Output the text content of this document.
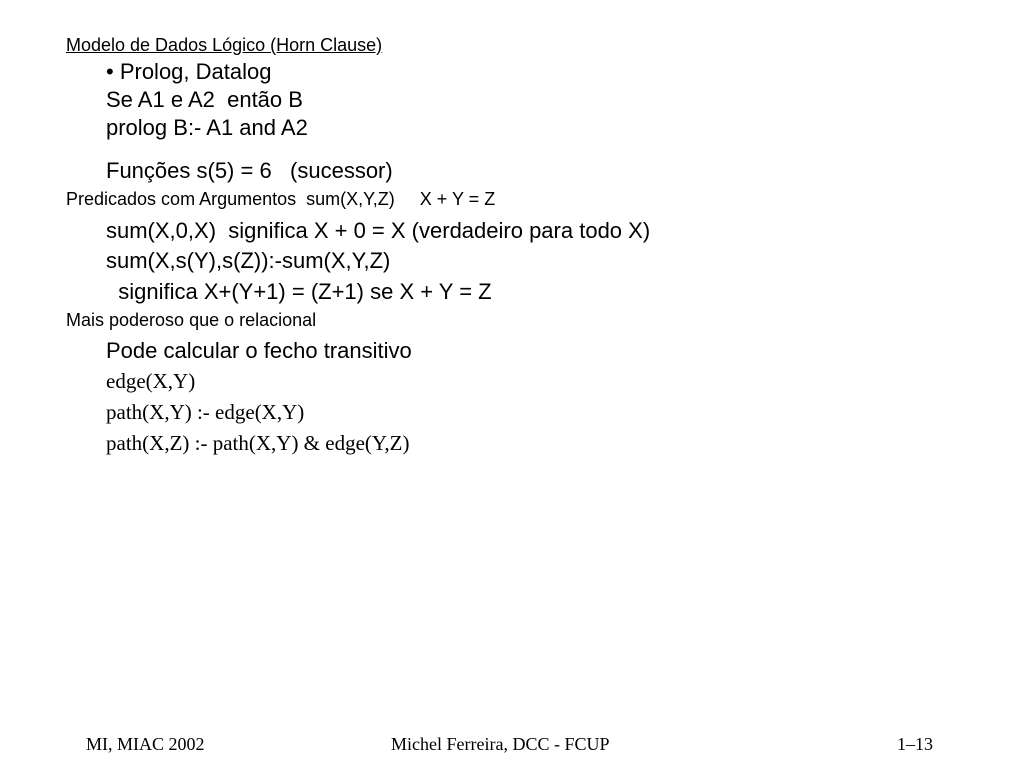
Modelo de Dados Lógico (Horn Clause)
• Prolog, Datalog
Se A1 e A2  então B
prolog B:- A1 and A2
Funções s(5) = 6   (sucessor)
Predicados com Argumentos  sum(X,Y,Z)     X + Y = Z
sum(X,0,X)  significa X + 0 = X (verdadeiro para todo X)
sum(X,s(Y),s(Z)):-sum(X,Y,Z)
significa X+(Y+1) = (Z+1) se X + Y = Z
Mais poderoso que o relacional
Pode calcular o fecho transitivo
edge(X,Y)
path(X,Y) :- edge(X,Y)
path(X,Z) :- path(X,Y) & edge(Y,Z)
MI, MIAC 2002	Michel Ferreira, DCC - FCUP	1–13
